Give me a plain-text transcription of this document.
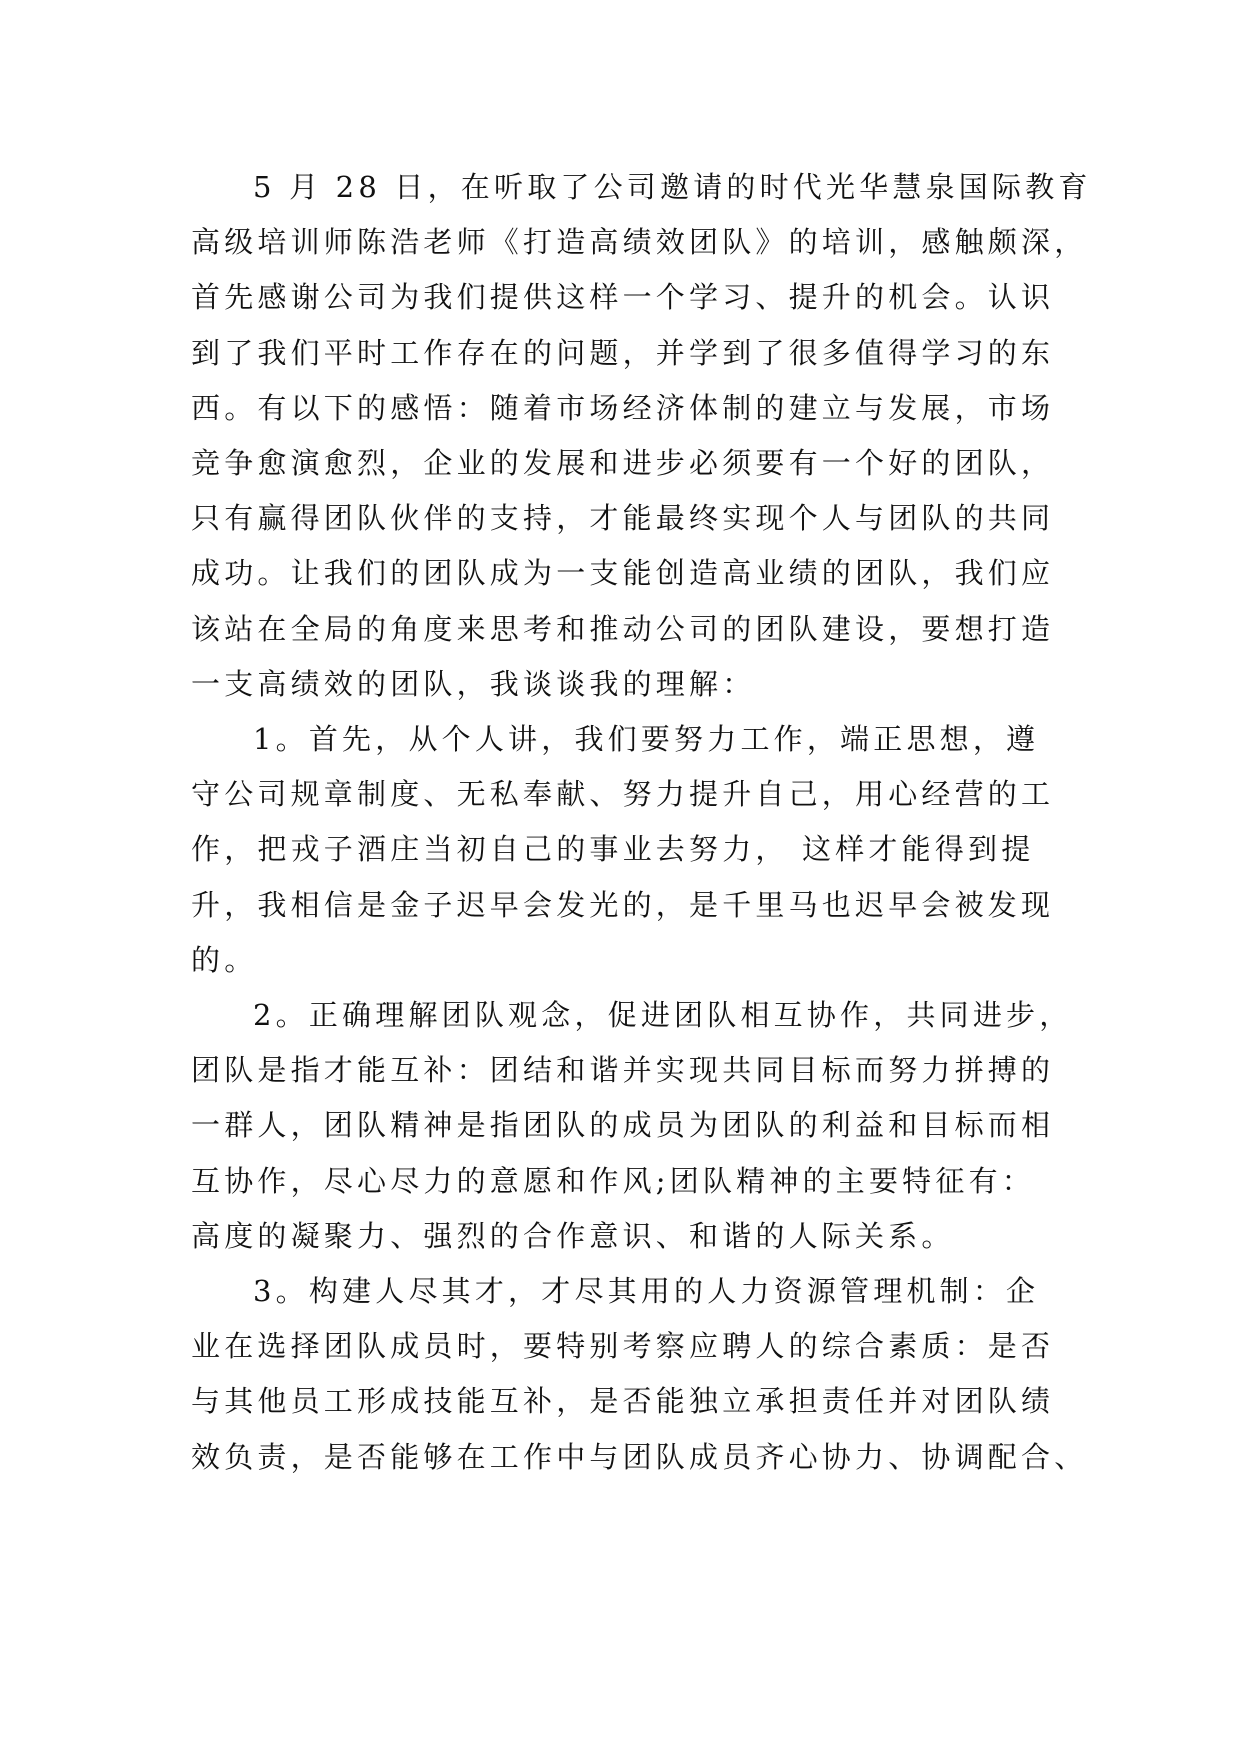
5 月 28 日，在听取了公司邀请的时代光华慧泉国际教育
高级培训师陈浩老师《打造高绩效团队》的培训，感触颇深，
首先感谢公司为我们提供这样一个学习、提升的机会。认识
到了我们平时工作存在的问题，并学到了很多值得学习的东
西。有以下的感悟：随着市场经济体制的建立与发展，市场
竞争愈演愈烈，企业的发展和进步必须要有一个好的团队，
只有赢得团队伙伴的支持，才能最终实现个人与团队的共同
成功。让我们的团队成为一支能创造高业绩的团队，我们应
该站在全局的角度来思考和推动公司的团队建设，要想打造
一支高绩效的团队，我谈谈我的理解：
1。首先，从个人讲，我们要努力工作，端正思想，遵
守公司规章制度、无私奉献、努力提升自己，用心经营的工
作，把戎子酒庄当初自己的事业去努力， 这样才能得到提
升，我相信是金子迟早会发光的，是千里马也迟早会被发现
的。
2。正确理解团队观念，促进团队相互协作，共同进步，
团队是指才能互补：团结和谐并实现共同目标而努力拼搏的
一群人，团队精神是指团队的成员为团队的利益和目标而相
互协作，尽心尽力的意愿和作风;团队精神的主要特征有：
高度的凝聚力、强烈的合作意识、和谐的人际关系。
3。构建人尽其才，才尽其用的人力资源管理机制：企
业在选择团队成员时，要特别考察应聘人的综合素质：是否
与其他员工形成技能互补，是否能独立承担责任并对团队绩
效负责，是否能够在工作中与团队成员齐心协力、协调配合、
